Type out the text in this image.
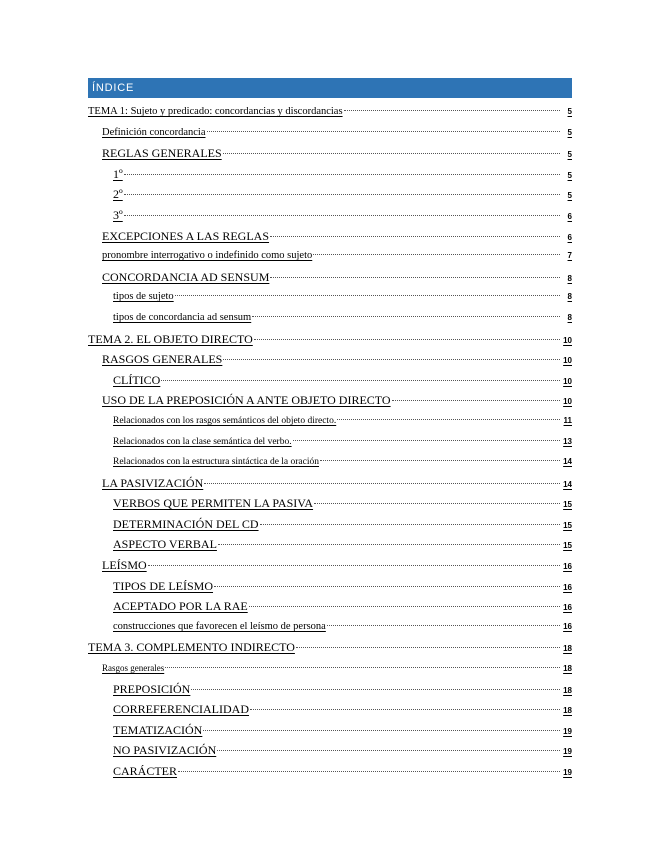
ÍNDICE
TEMA 1: Sujeto y predicado: concordancias y discordancias	5
Definición concordancia	5
REGLAS GENERALES	5
1º	5
2º	5
3º	6
EXCEPCIONES A LAS REGLAS	6
pronombre interrogativo o indefinido como sujeto	7
CONCORDANCIA AD SENSUM	8
tipos de sujeto	8
tipos de concordancia ad sensum	8
TEMA 2. EL OBJETO DIRECTO	10
RASGOS GENERALES	10
CLÍTICO	10
USO DE LA PREPOSICIÓN A ANTE OBJETO DIRECTO	10
Relacionados con los rasgos semánticos del objeto directo.	11
Relacionados con la clase semántica del verbo.	13
Relacionados con la estructura sintáctica de la oración	14
LA PASIVIZACIÓN	14
VERBOS QUE PERMITEN LA PASIVA	15
DETERMINACIÓN DEL CD	15
ASPECTO VERBAL	15
LEÍSMO	16
TIPOS DE LEÍSMO	16
ACEPTADO POR LA RAE	16
construcciones que favorecen el leísmo de persona	16
TEMA 3. COMPLEMENTO INDIRECTO	18
Rasgos generales	18
PREPOSICIÓN	18
CORREFERENCIALIDAD	18
TEMATIZACIÓN	19
NO PASIVIZACIÓN	19
CARÁCTER	19
